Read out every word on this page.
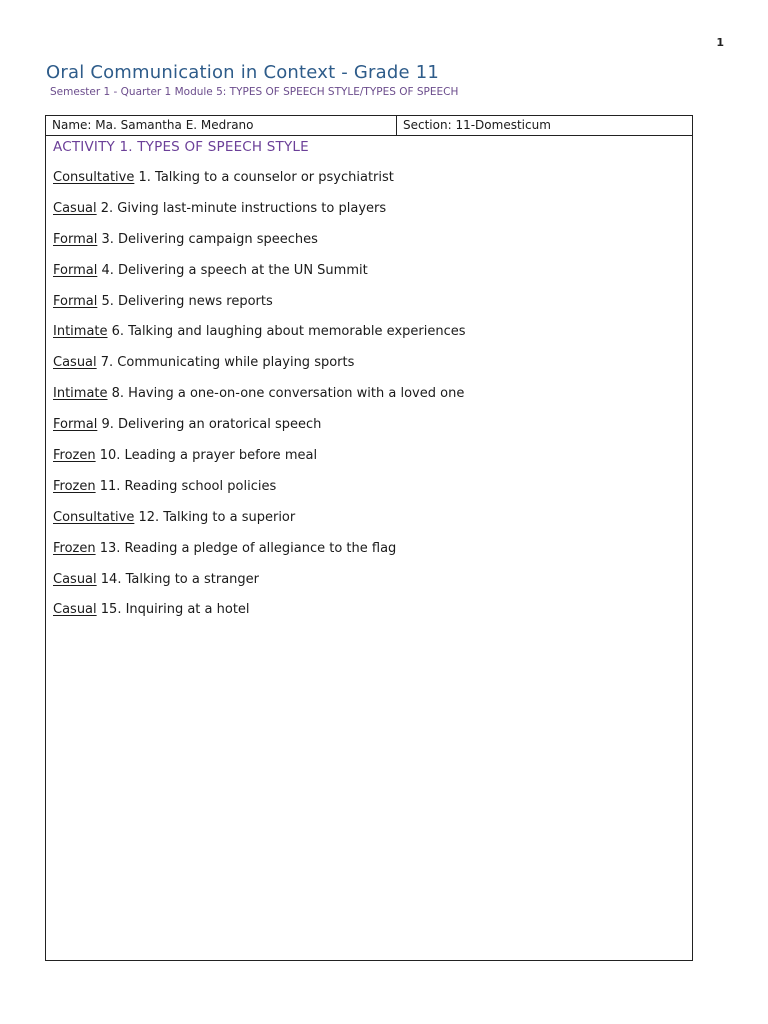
1
Oral Communication in Context - Grade 11
Semester 1 - Quarter 1 Module 5: TYPES OF SPEECH STYLE/TYPES OF SPEECH
Name: Ma. Samantha E. Medrano	Section: 11-Domesticum
ACTIVITY 1. TYPES OF SPEECH STYLE
Consultative 1. Talking to a counselor or psychiatrist
Casual 2. Giving last-minute instructions to players
Formal 3. Delivering campaign speeches
Formal 4. Delivering a speech at the UN Summit
Formal 5. Delivering news reports
Intimate 6. Talking and laughing about memorable experiences
Casual 7. Communicating while playing sports
Intimate 8. Having a one-on-one conversation with a loved one
Formal 9. Delivering an oratorical speech
Frozen 10. Leading a prayer before meal
Frozen 11. Reading school policies
Consultative 12. Talking to a superior
Frozen 13. Reading a pledge of allegiance to the flag
Casual 14. Talking to a stranger
Casual 15. Inquiring at a hotel
